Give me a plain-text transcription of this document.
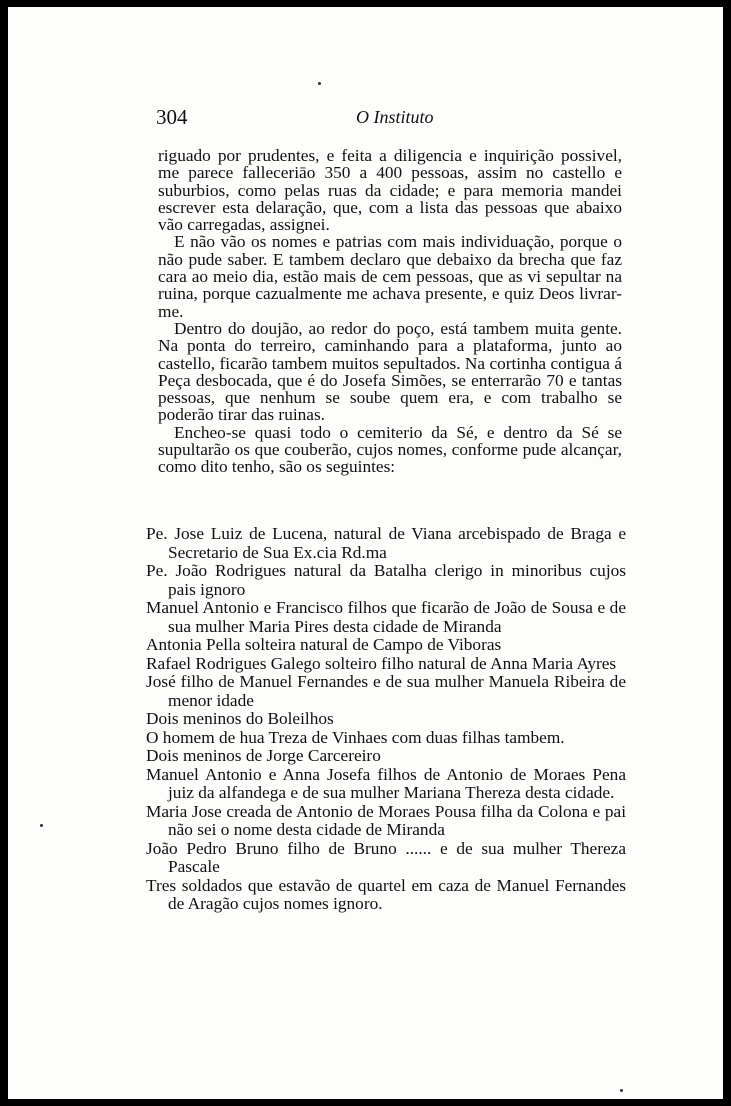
304	O Instituto

riguado por prudentes, e feita a diligencia e inquirição possivel, me parece falleceriāo 350 a 400 pessoas, assim no castello e suburbios, como pelas ruas da cidade; e para memoria mandei escrever esta delaração, que, com a lista das pessoas que abaixo vão carregadas, assignei.

E não vão os nomes e patrias com mais individuação, porque o não pude saber. E tambem declaro que debaixo da brecha que faz cara ao meio dia, estão mais de cem pessoas, que as vi sepultar na ruina, porque cazualmente me achava presente, e quiz Deos livrar-me.

Dentro do doujão, ao redor do poço, está tambem muita gente. Na ponta do terreiro, caminhando para a plataforma, junto ao castello, ficarão tambem muitos sepultados. Na cortinha contigua á Peça desbocada, que é do Josefa Simões, se enterrarão 70 e tantas pessoas, que nenhum se soube quem era, e com trabalho se poderão tirar das ruinas.

Encheo-se quasi todo o cemiterio da Sé, e dentro da Sé se supultarão os que couberão, cujos nomes, conforme pude alcançar, como dito tenho, são os seguintes:

Pe. Jose Luiz de Lucena, natural de Viana arcebispado de Braga e Secretario de Sua Ex.cia Rd.ma
Pe. João Rodrigues natural da Batalha clerigo in minoribus cujos pais ignoro
Manuel Antonio e Francisco filhos que ficarão de João de Sousa e de sua mulher Maria Pires desta cidade de Miranda
Antonia Pella solteira natural de Campo de Viboras
Rafael Rodrigues Galego solteiro filho natural de Anna Maria Ayres
José filho de Manuel Fernandes e de sua mulher Manuela Ribeira de menor idade
Dois meninos do Boleilhos
O homem de hua Treza de Vinhaes com duas filhas tambem.
Dois meninos de Jorge Carcereiro
Manuel Antonio e Anna Josefa filhos de Antonio de Moraes Pena juiz da alfandega e de sua mulher Mariana Thereza desta cidade.
Maria Jose creada de Antonio de Moraes Pousa filha da Colona e pai não sei o nome desta cidade de Miranda
João Pedro Bruno filho de Bruno ...... e de sua mulher Thereza Pascale
Tres soldados que estavão de quartel em caza de Manuel Fernandes de Aragão cujos nomes ignoro.
